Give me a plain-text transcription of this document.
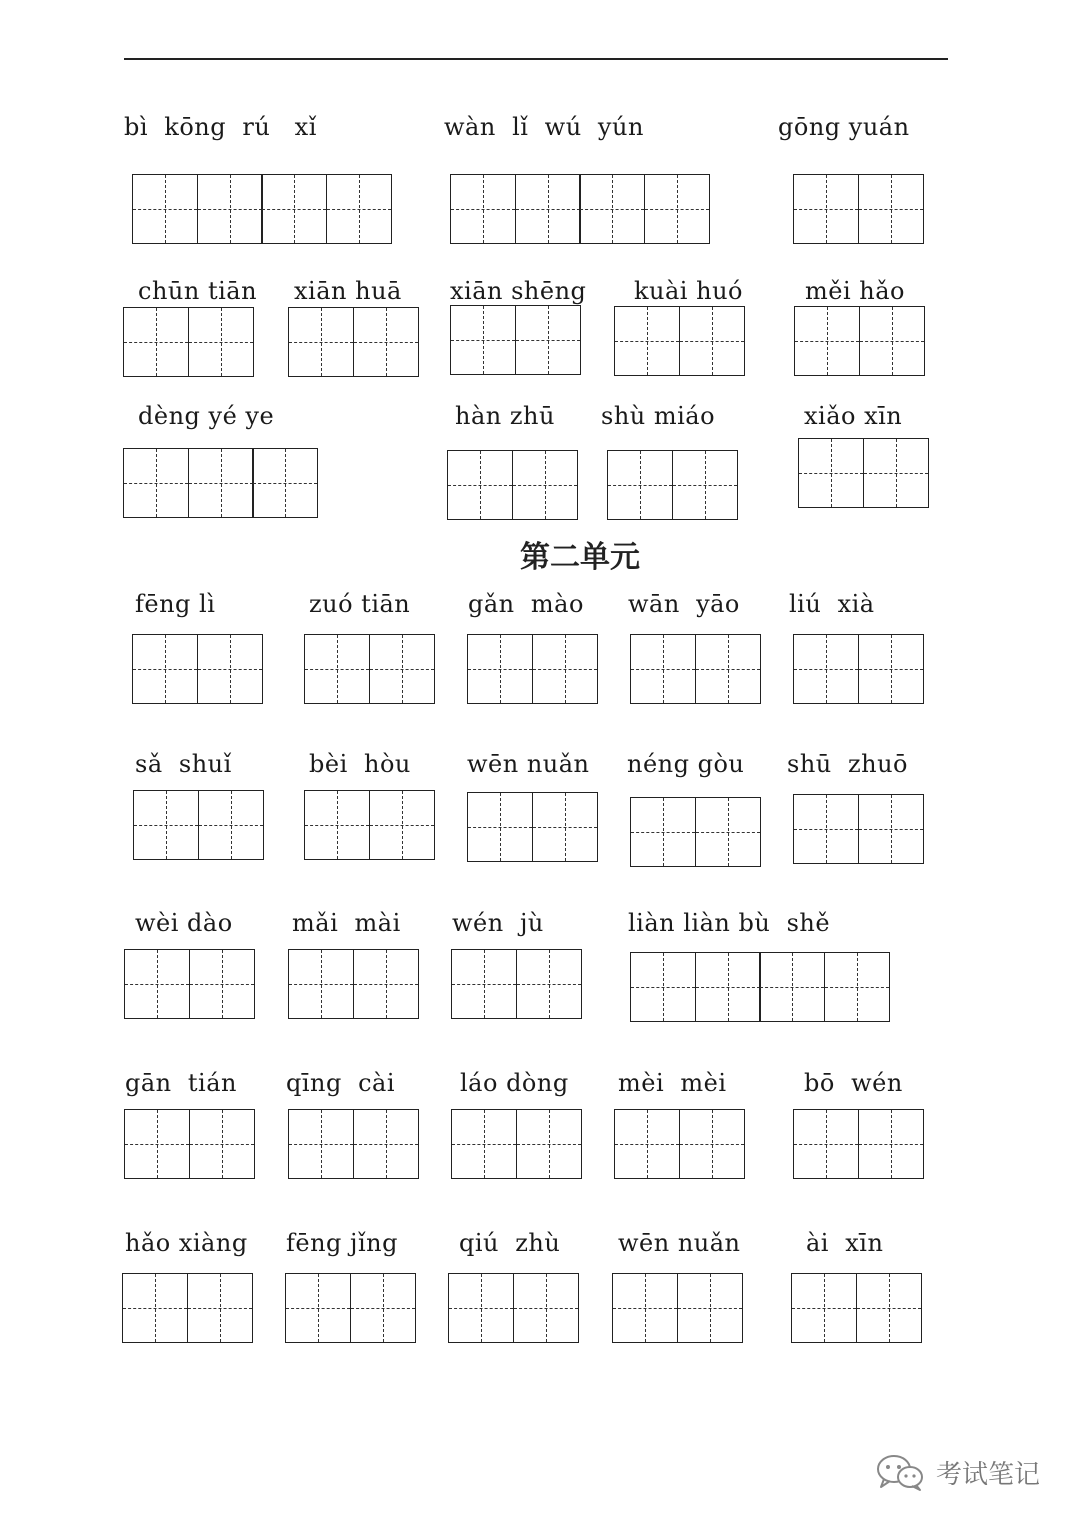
bì  kōng  rú   xǐ	wàn  lǐ  wú  yún	gōng yuán
chūn tiān xiān huā xiān shēng kuài huó	měi hǎo
dèng yé ye	hàn zhū shù miáo	xiǎo xīn
第二单元
fēng lì	zuó tiān gǎn  mào wān  yāo liú  xià
sǎ  shuǐ	bèi  hòu wēn nuǎn néng gòu shū  zhuō
wèi dào mǎi  mài wén  jù	liàn liàn bù  shě
gān  tián qīng  cài	láo dòng mèi  mèi	bō  wén
hǎo xiàng fēng jǐng	qiú  zhù wēn nuǎn	ài  xīn
考试笔记
